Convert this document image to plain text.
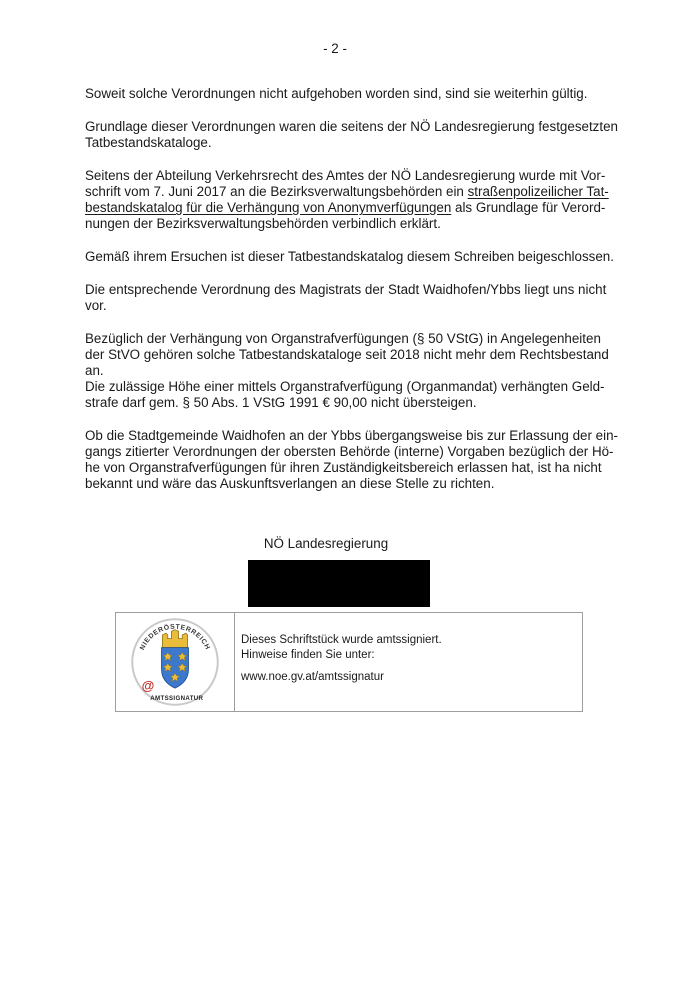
- 2 -
Soweit solche Verordnungen nicht aufgehoben worden sind, sind sie weiterhin gültig.
Grundlage dieser Verordnungen waren die seitens der NÖ Landesregierung festgesetzten
Tatbestandskataloge.
Seitens der Abteilung Verkehrsrecht des Amtes der NÖ Landesregierung wurde mit Vor-
schrift vom 7. Juni 2017 an die Bezirksverwaltungsbehörden ein straßenpolizeilicher Tat-
bestandskatalog für die Verhängung von Anonymverfügungen als Grundlage für Verord-
nungen der Bezirksverwaltungsbehörden verbindlich erklärt.
Gemäß ihrem Ersuchen ist dieser Tatbestandskatalog diesem Schreiben beigeschlossen.
Die entsprechende Verordnung des Magistrats der Stadt Waidhofen/Ybbs liegt uns nicht
vor.
Bezüglich der Verhängung von Organstrafverfügungen (§ 50 VStG) in Angelegenheiten
der StVO gehören solche Tatbestandskataloge seit 2018 nicht mehr dem Rechtsbestand
an.
Die zulässige Höhe einer mittels Organstrafverfügung (Organmandat) verhängten Geld-
strafe darf gem. § 50 Abs. 1 VStG 1991 € 90,00 nicht übersteigen.
Ob die Stadtgemeinde Waidhofen an der Ybbs übergangsweise bis zur Erlassung der ein-
gangs zitierter Verordnungen der obersten Behörde (interne) Vorgaben bezüglich der Hö-
he von Organstrafverfügungen für ihren Zuständigkeitsbereich erlassen hat, ist ha nicht
bekannt und wäre das Auskunftsverlangen an diese Stelle zu richten.
NÖ Landesregierung
NIEDERÖSTERREICH
@
AMTSSIGNATUR
Dieses Schriftstück wurde amtssigniert.
Hinweise finden Sie unter:
www.noe.gv.at/amtssignatur
